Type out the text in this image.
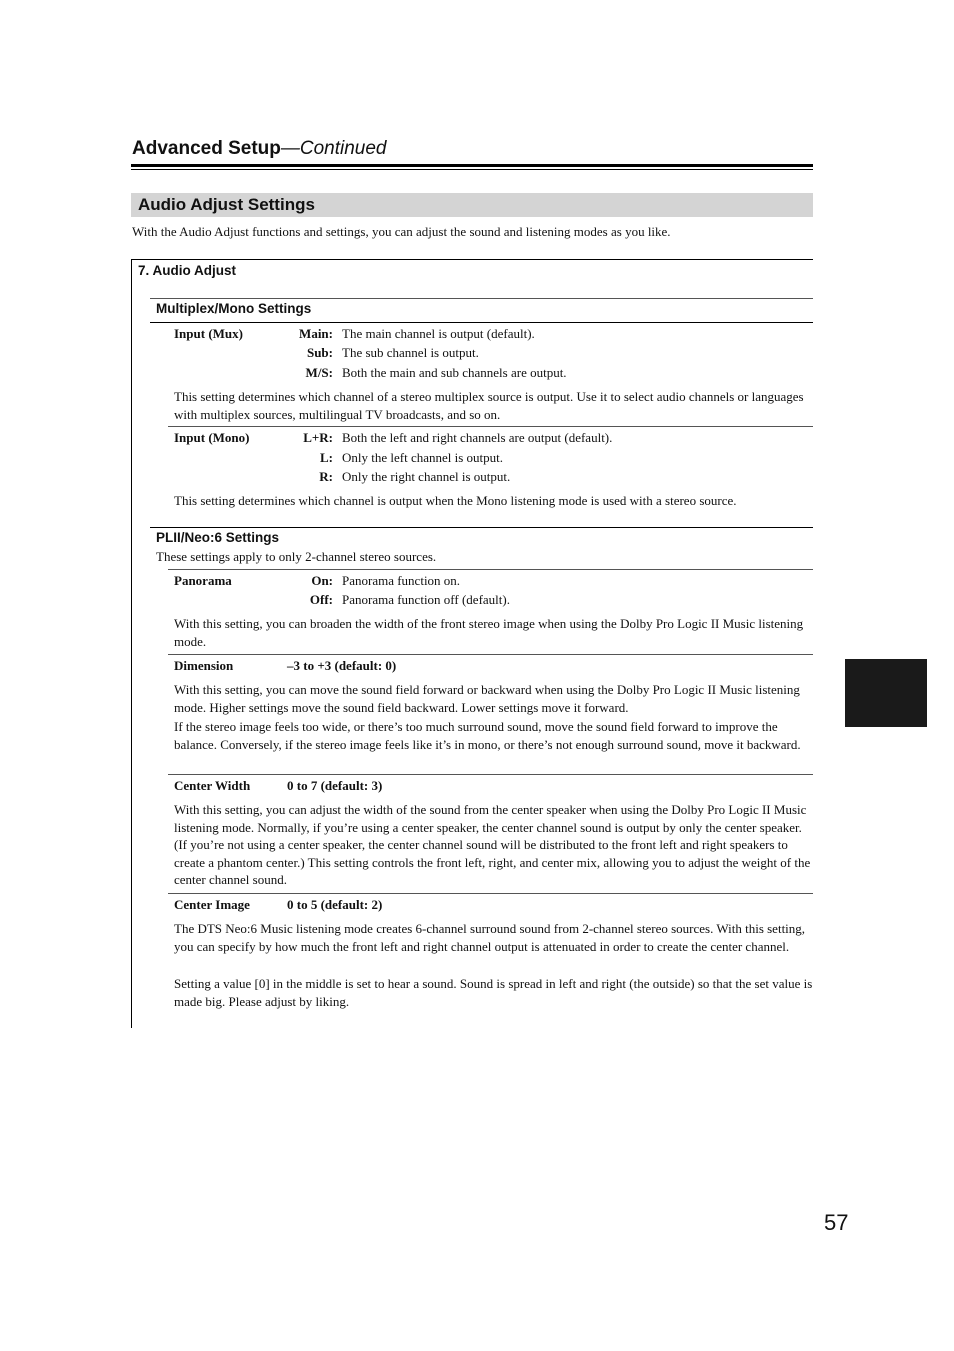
Advanced Setup—Continued
Audio Adjust Settings
With the Audio Adjust functions and settings, you can adjust the sound and listening modes as you like.
7. Audio Adjust
Multiplex/Mono Settings
Input (Mux)	Main: The main channel is output (default).
Sub: The sub channel is output.
M/S: Both the main and sub channels are output.
This setting determines which channel of a stereo multiplex source is output. Use it to select audio channels or languages with multiplex sources, multilingual TV broadcasts, and so on.
Input (Mono)	L+R: Both the left and right channels are output (default).
L: Only the left channel is output.
R: Only the right channel is output.
This setting determines which channel is output when the Mono listening mode is used with a stereo source.
PLII/Neo:6 Settings
These settings apply to only 2-channel stereo sources.
Panorama	On: Panorama function on.
Off: Panorama function off (default).
With this setting, you can broaden the width of the front stereo image when using the Dolby Pro Logic II Music listening mode.
Dimension	–3 to +3 (default: 0)
With this setting, you can move the sound field forward or backward when using the Dolby Pro Logic II Music listening mode. Higher settings move the sound field backward. Lower settings move it forward.
If the stereo image feels too wide, or there’s too much surround sound, move the sound field forward to improve the balance. Conversely, if the stereo image feels like it’s in mono, or there’s not enough surround sound, move it backward.
Center Width	0 to 7 (default: 3)
With this setting, you can adjust the width of the sound from the center speaker when using the Dolby Pro Logic II Music listening mode. Normally, if you’re using a center speaker, the center channel sound is output by only the center speaker. (If you’re not using a center speaker, the center channel sound will be distributed to the front left and right speakers to create a phantom center.) This setting controls the front left, right, and center mix, allowing you to adjust the weight of the center channel sound.
Center Image	0 to 5 (default: 2)
The DTS Neo:6 Music listening mode creates 6-channel surround sound from 2-channel stereo sources. With this setting, you can specify by how much the front left and right channel output is attenuated in order to create the center channel.
Setting a value [0] in the middle is set to hear a sound. Sound is spread in left and right (the outside) so that the set value is made big. Please adjust by liking.
57
